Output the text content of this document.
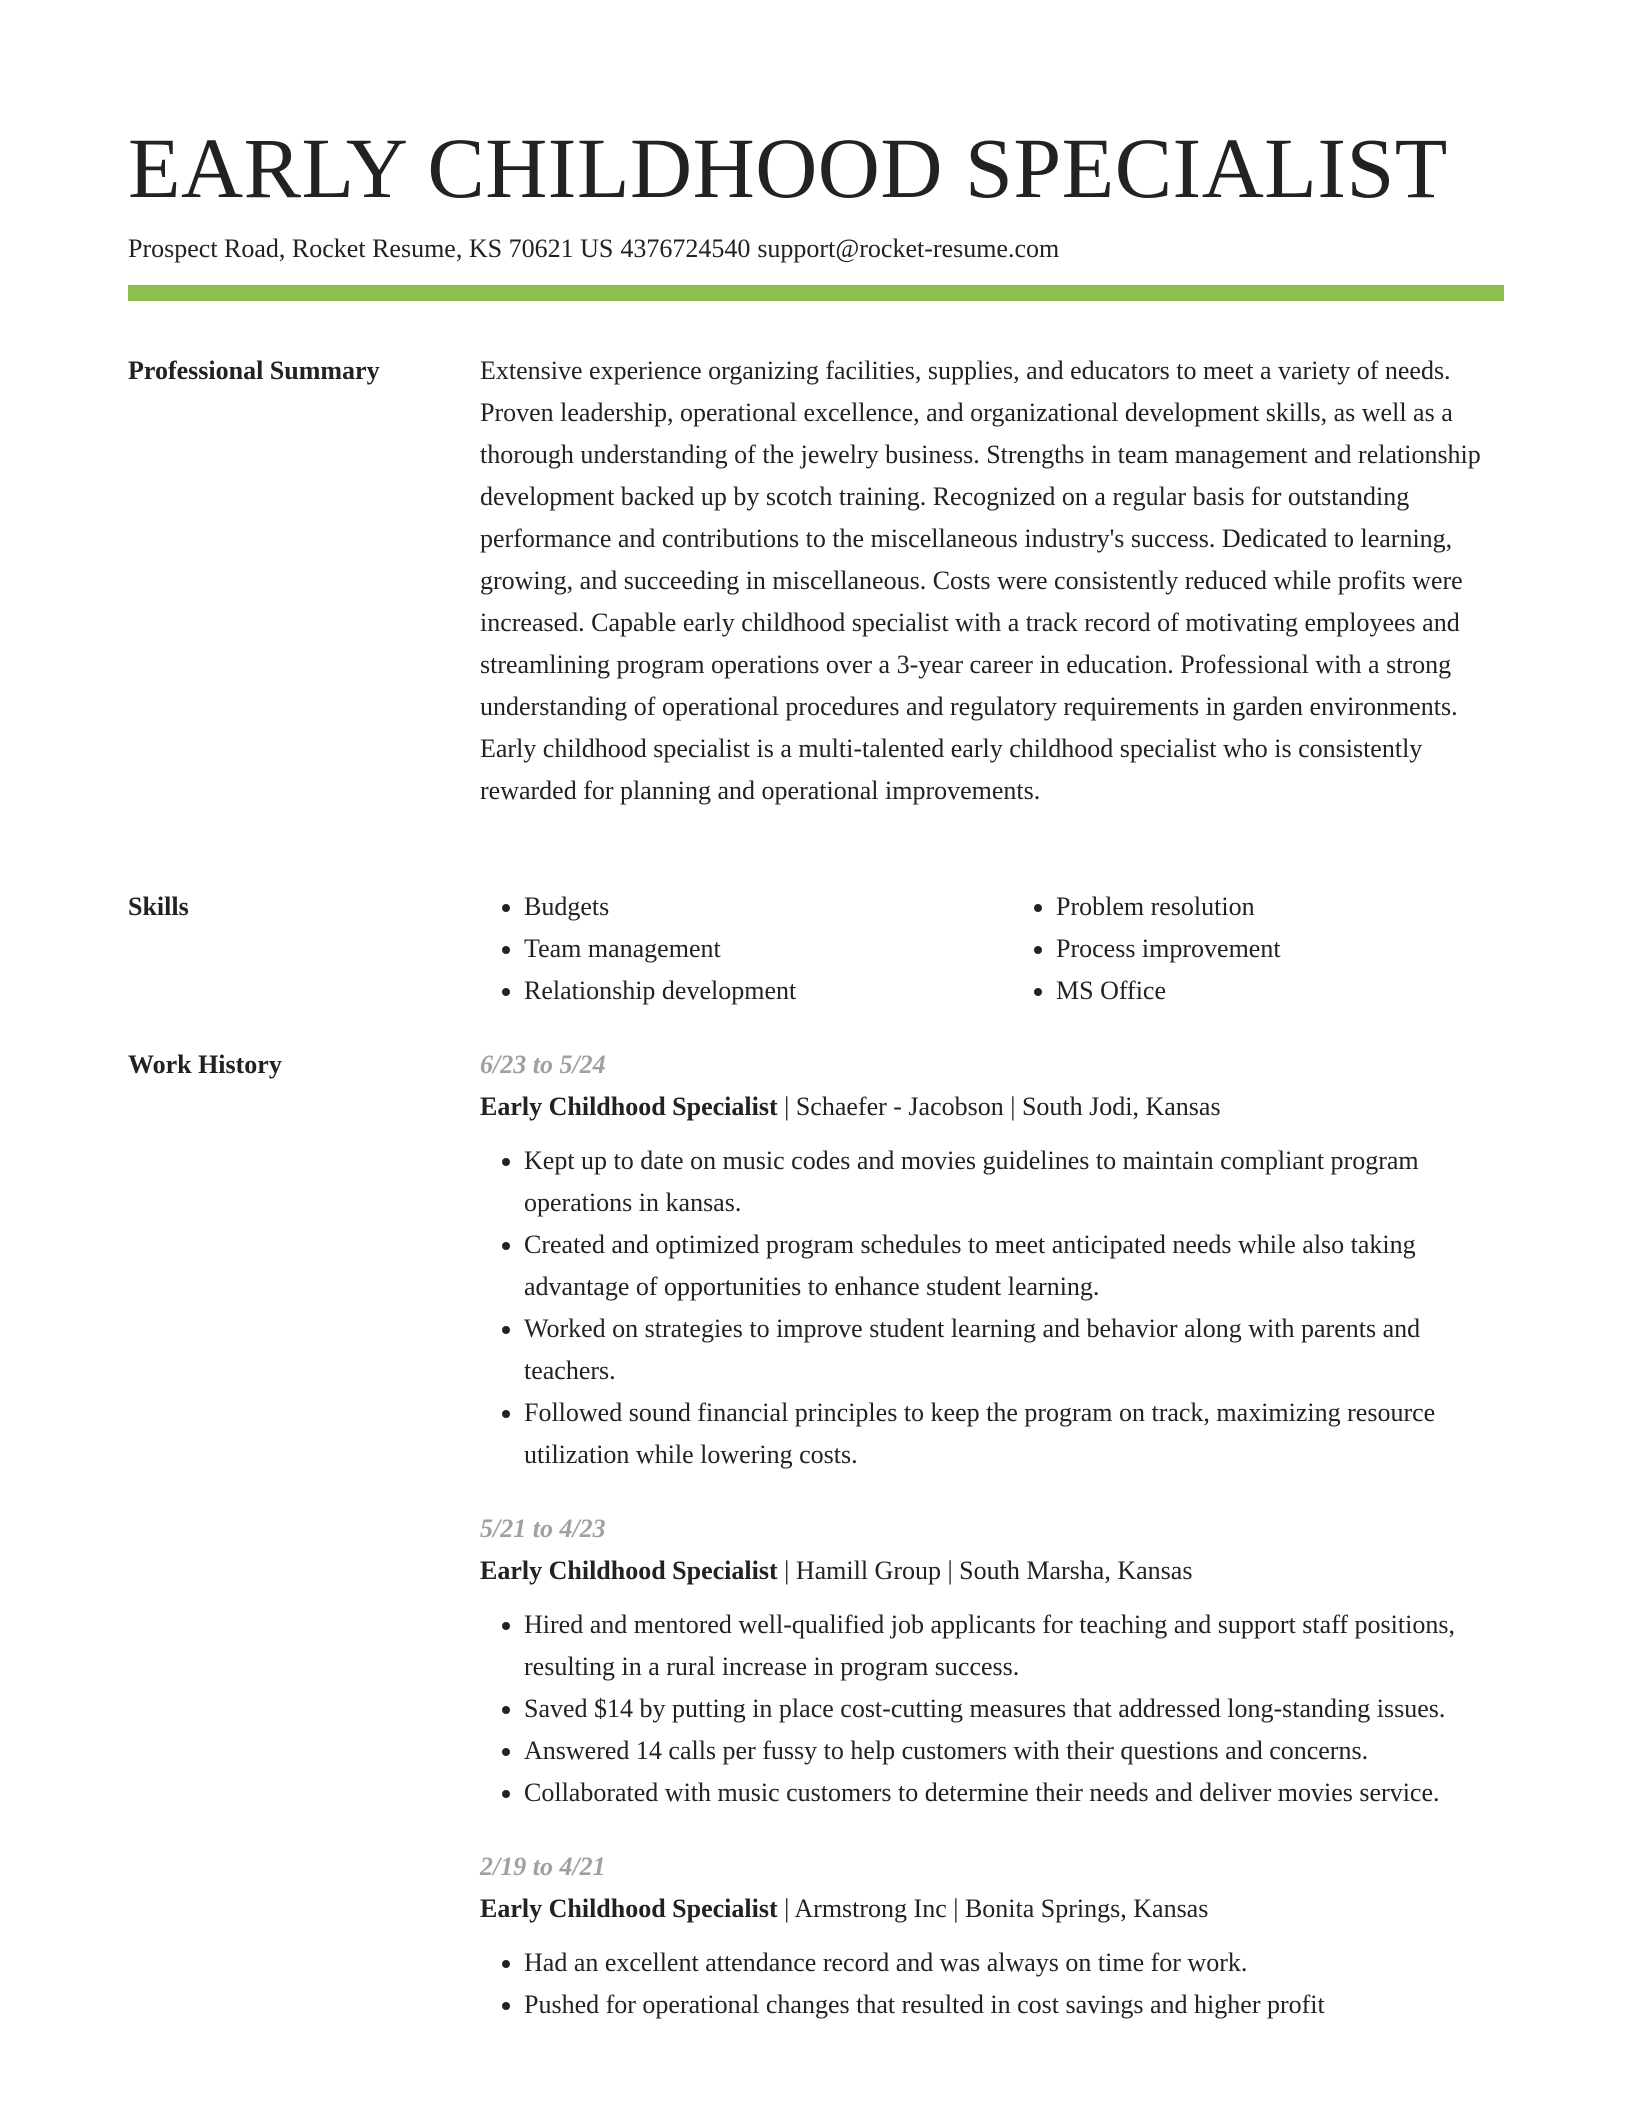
EARLY CHILDHOOD SPECIALIST
Prospect Road, Rocket Resume, KS 70621 US 4376724540 support@rocket-resume.com
Professional Summary	Extensive experience organizing facilities, supplies, and educators to meet a variety of needs. Proven leadership, operational excellence, and organizational development skills, as well as a thorough understanding of the jewelry business. Strengths in team management and relationship development backed up by scotch training. Recognized on a regular basis for outstanding performance and contributions to the miscellaneous industry's success. Dedicated to learning, growing, and succeeding in miscellaneous. Costs were consistently reduced while profits were increased. Capable early childhood specialist with a track record of motivating employees and streamlining program operations over a 3-year career in education. Professional with a strong understanding of operational procedures and regulatory requirements in garden environments. Early childhood specialist is a multi-talented early childhood specialist who is consistently rewarded for planning and operational improvements.

Skills
•	Budgets
• Team management
• Relationship development
• Problem resolution
• Process improvement
• MS Office
Work History	6/23 to 5/24
Early Childhood Specialist | Schaefer - Jacobson | South Jodi, Kansas
• Kept up to date on music codes and movies guidelines to maintain compliant program operations in kansas.
• Created and optimized program schedules to meet anticipated needs while also taking advantage of opportunities to enhance student learning.
• Worked on strategies to improve student learning and behavior along with parents and teachers.
• Followed sound financial principles to keep the program on track, maximizing resource utilization while lowering costs.
5/21 to 4/23
Early Childhood Specialist | Hamill Group | South Marsha, Kansas
• Hired and mentored well-qualified job applicants for teaching and support staff positions, resulting in a rural increase in program success.
• Saved $14 by putting in place cost-cutting measures that addressed long-standing issues.
• Answered 14 calls per fussy to help customers with their questions and concerns.
• Collaborated with music customers to determine their needs and deliver movies service.
2/19 to 4/21
Early Childhood Specialist | Armstrong Inc | Bonita Springs, Kansas
• Had an excellent attendance record and was always on time for work.
• Pushed for operational changes that resulted in cost savings and higher profit
